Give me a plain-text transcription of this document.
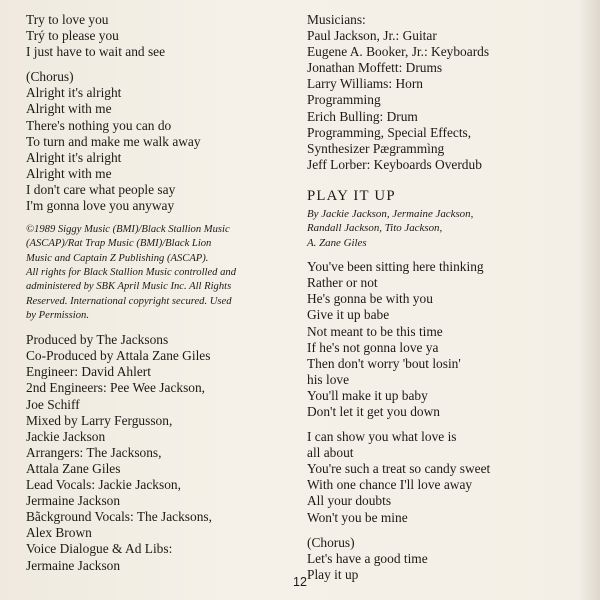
Try to love you

Trý to please you

I just have to wait and see

(Chorus)

Alright it's alright

Alright with me

There's nothing you can do

To turn and make me walk away

Alright it's alright

Alright with me

I don't care what people say

I'm gonna love you anyway

©1989 Siggy Music (BMI)/Black Stallion Music

(ASCAP)/Rat Trap Music (BMI)/Black Lion

Music and Captain Z Publishing (ASCAP).

All rights for Black Stallion Music controlled and

administered by SBK April Music Inc. All Rights

Reserved. International copyright secured. Used

by Permission.

Produced by The Jacksons

Co-Produced by Attala Zane Giles

Engineer: David Ahlert

2nd Engineers: Pee Wee Jackson,

Joe Schiff

Mixed by Larry Fergusson,

Jackie Jackson

Arrangers: The Jacksons,

Attala Zane Giles

Lead Vocals: Jackie Jackson,

Jermaine Jackson

Bãckground Vocals: The Jacksons,

Alex Brown

Voice Dialogue & Ad Libs:

Jermaine Jackson

Musicians:

Paul Jackson, Jr.: Guitar

Eugene A. Booker, Jr.: Keyboards

Jonathan Moffett: Drums

Larry Williams: Horn

Programming

Erich Bulling: Drum

Programming, Special Effects,

Synthesizer Pægrammìng

Jeff Lorber: Keyboards Overdub

PLAY IT UP

By Jackie Jackson, Jermaine Jackson,

Randall Jackson, Tito Jackson,

A. Zane Giles

You've been sitting here thinking

Rather or not

He's gonna be with you

Give it up babe

Not meant to be this time

If he's not gonna love ya

Then don't worry 'bout losin'

his love

You'll make it up baby

Don't let it get you down

I can show you what love is

all about

You're such a treat so candy sweet

With one chance I'll love away

All your doubts

Won't you be mine

(Chorus)

Let's have a good time

Play it up

12
